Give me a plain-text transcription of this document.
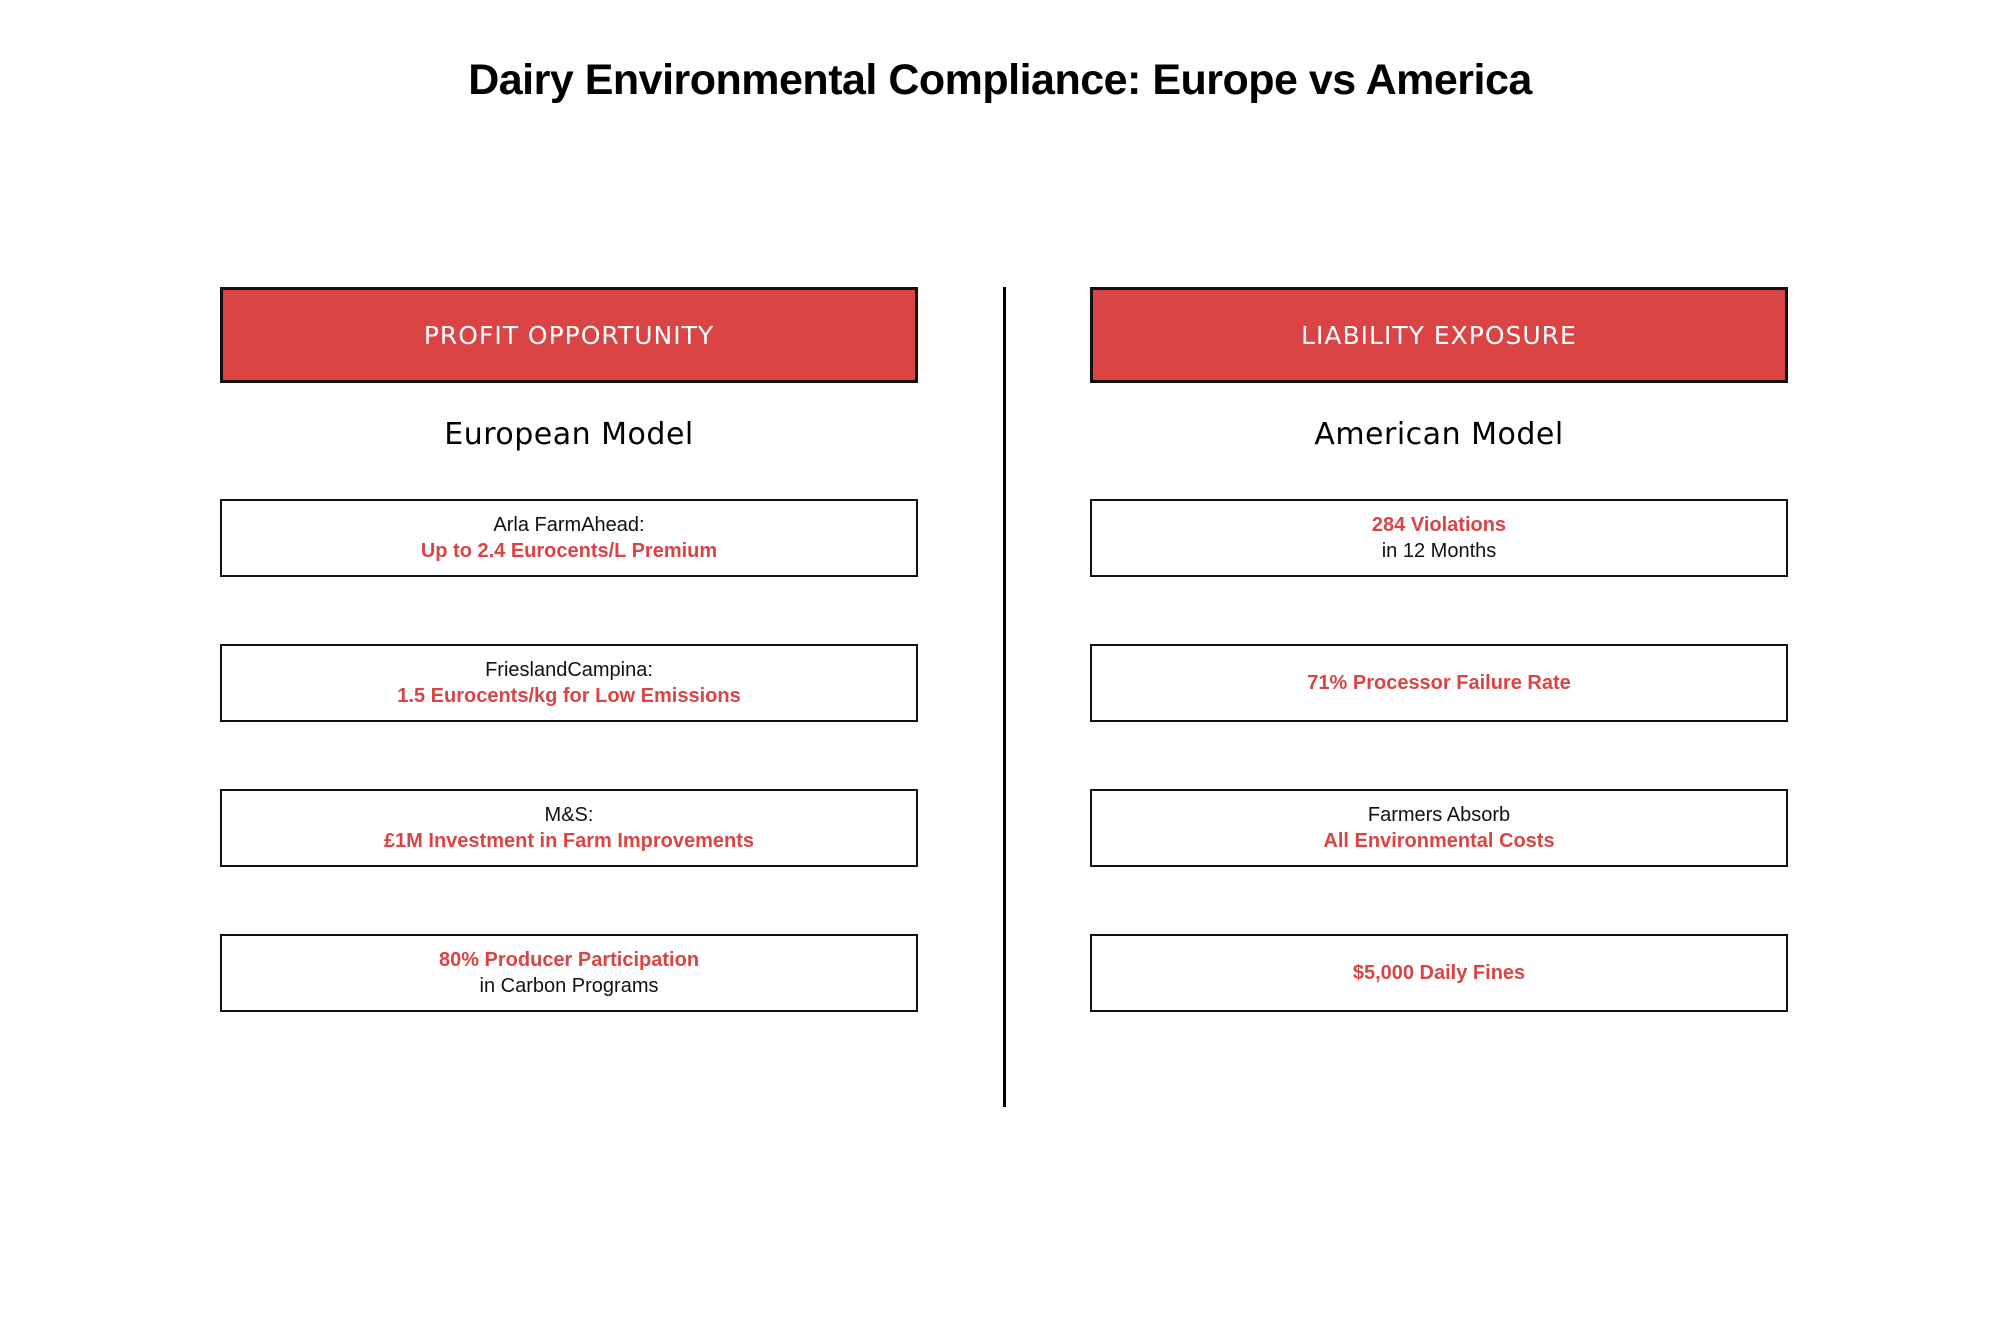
Dairy Environmental Compliance: Europe vs America
PROFIT OPPORTUNITY
European Model
Arla FarmAhead:
Up to 2.4 Eurocents/L Premium
FrieslandCampina:
1.5 Eurocents/kg for Low Emissions
M&S:
£1M Investment in Farm Improvements
80% Producer Participation
in Carbon Programs
LIABILITY EXPOSURE
American Model
284 Violations
in 12 Months
71% Processor Failure Rate
Farmers Absorb
All Environmental Costs
$5,000 Daily Fines
